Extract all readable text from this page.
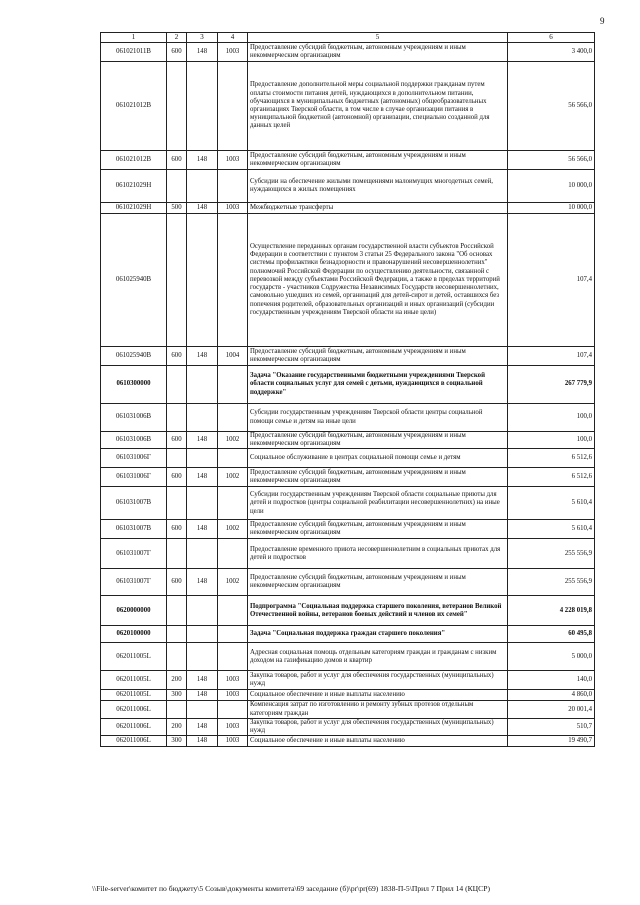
9
1	2	3	4	5	6
061021011В	600	148	1003	Предоставление субсидий бюджетным, автономным учреждениям и иным некоммерческим организациям	3 400,0
061021012В				Предоставление дополнительной меры социальной поддержки гражданам путем оплаты стоимости питания детей, нуждающихся в дополнительном питании, обучающихся в муниципальных бюджетных (автономных) общеобразовательных организациях Тверской области, в том числе в случае организации питания в муниципальной бюджетной (автономной) организации, специально созданной для данных целей	56 566,0
061021012В	600	148	1003	Предоставление субсидий бюджетным, автономным учреждениям и иным некоммерческим организациям	56 566,0
061021029Н				Субсидии на обеспечение жилыми помещениями малоимущих многодетных семей, нуждающихся в жилых помещениях	10 000,0
061021029Н	500	148	1003	Межбюджетные трансферты	10 000,0
061025940В				Осуществление переданных органам государственной власти субъектов Российской Федерации в соответствии с пунктом 3 статьи 25 Федерального закона "Об основах системы профилактики безнадзорности и правонарушений несовершеннолетних" полномочий Российской Федерации по осуществлению деятельности, связанной с перевозкой между субъектами Российской Федерации, а также в пределах территорий государств - участников Содружества Независимых Государств несовершеннолетних, самовольно ушедших из семей, организаций для детей-сирот и детей, оставшихся без попечения родителей, образовательных организаций и иных организаций (субсидии государственным учреждениям Тверской области на иные цели)	107,4
061025940В	600	148	1004	Предоставление субсидий бюджетным, автономным учреждениям и иным некоммерческим организациям	107,4
0610300000				Задача "Оказание государственными бюджетными учреждениями Тверской области социальных услуг для семей с детьми, нуждающихся в социальной поддержке"	267 779,9
061031006В				Субсидии государственным учреждениям Тверской области центры социальной помощи семье и детям на иные цели	100,0
061031006В	600	148	1002	Предоставление субсидий бюджетным, автономным учреждениям и иным некоммерческим организациям	100,0
061031006Г				Социальное обслуживание в центрах социальной помощи семье и детям	6 512,6
061031006Г	600	148	1002	Предоставление субсидий бюджетным, автономным учреждениям и иным некоммерческим организациям	6 512,6
061031007В				Субсидии государственным учреждениям Тверской области социальные приюты для детей и подростков (центры социальной реабилитации несовершеннолетних) на иные цели	5 610,4
061031007В	600	148	1002	Предоставление субсидий бюджетным, автономным учреждениям и иным некоммерческим организациям	5 610,4
061031007Г				Предоставление временного приюта несовершеннолетним в социальных приютах для детей и подростков	255 556,9
061031007Г	600	148	1002	Предоставление субсидий бюджетным, автономным учреждениям и иным некоммерческим организациям	255 556,9
0620000000				Подпрограмма "Социальная поддержка старшего поколения, ветеранов Великой Отечественной войны, ветеранов боевых действий и членов их семей"	4 228 019,8
0620100000				Задача "Социальная поддержка граждан старшего поколения"	60 495,8
062011005L				Адресная социальная помощь отдельным категориям граждан и гражданам с низким доходом на газификацию домов и квартир	5 000,0
062011005L	200	148	1003	Закупка товаров, работ и услуг для обеспечения государственных (муниципальных) нужд	140,0
062011005L	300	148	1003	Социальное обеспечение и иные выплаты населению	4 860,0
062011006L				Компенсация затрат по изготовлению и ремонту зубных протезов отдельным категориям граждан	20 001,4
062011006L	200	148	1003	Закупка товаров, работ и услуг для обеспечения государственных (муниципальных) нужд	510,7
062011006L	300	148	1003	Социальное обеспечение и иные выплаты населению	19 490,7
\\File-server\комитет по бюджету\5 Созыв\документы комитета\69 заседание (б)\pr\pr(69) 1838-П-5\Прил 7 Прил 14 (КЦСР)
